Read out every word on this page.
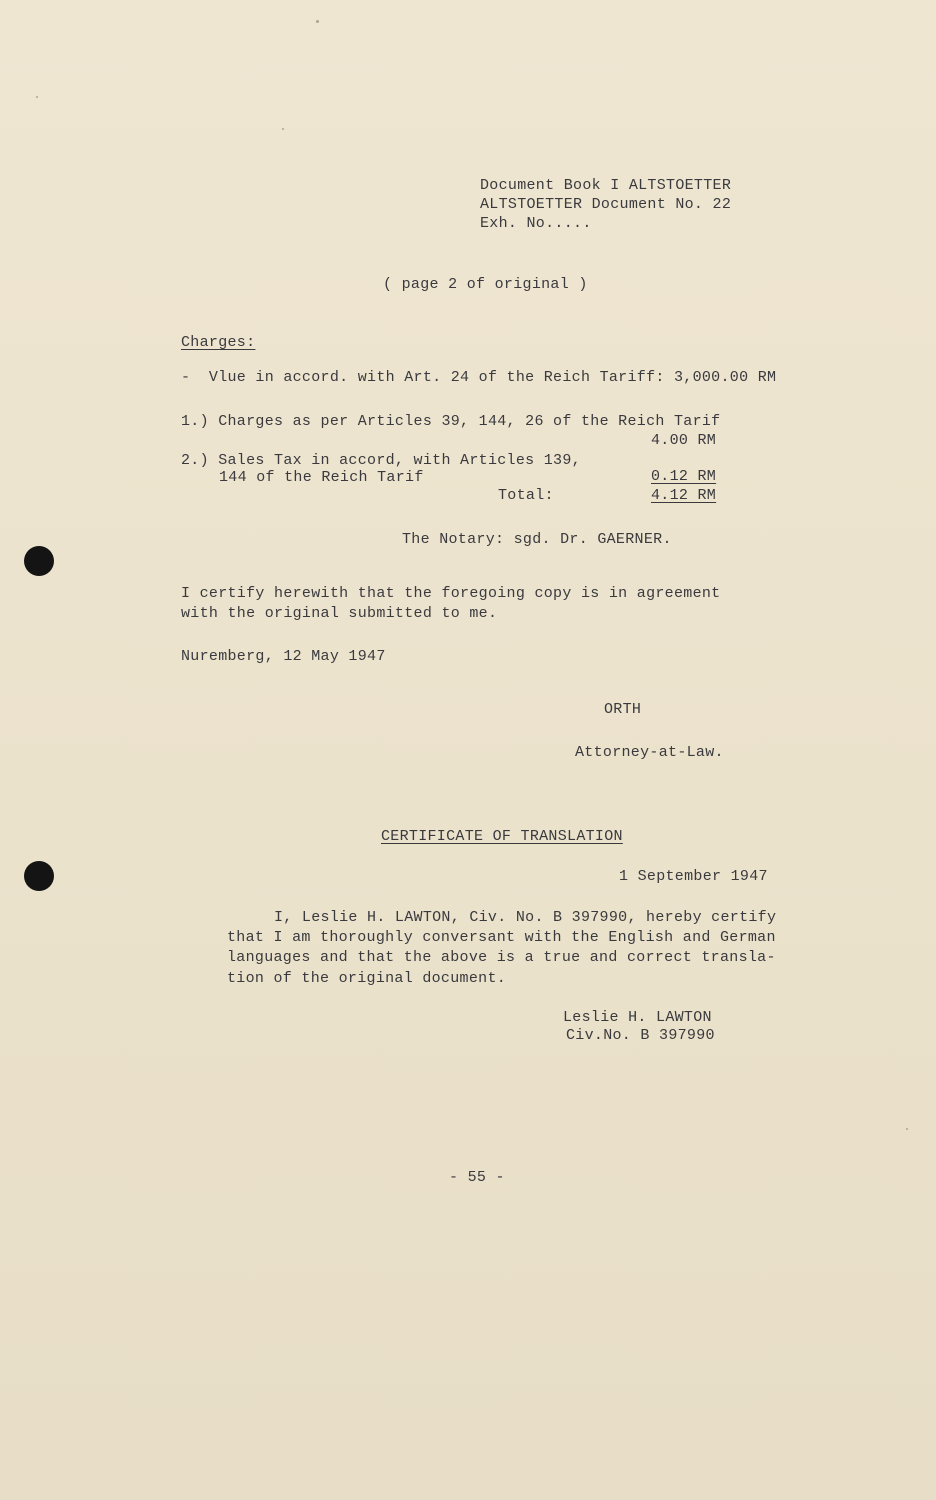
Document Book I ALTSTOETTER
ALTSTOETTER Document No. 22
Exh. No.....
( page 2 of original )
Charges:
-  Vlue in accord. with Art. 24 of the Reich Tariff: 3,000.00 RM
1.) Charges as per Articles 39, 144, 26 of the Reich Tarif
4.00 RM
2.) Sales Tax in accord, with Articles 139,
144 of the Reich Tarif	0.12 RM
Total:	4.12 RM
The Notary: sgd. Dr. GAERNER.
I certify herewith that the foregoing copy is in agreement
with the original submitted to me.
Nuremberg, 12 May 1947
ORTH
Attorney-at-Law.
CERTIFICATE OF TRANSLATION
1 September 1947
I, Leslie H. LAWTON, Civ. No. B 397990, hereby certify
that I am thoroughly conversant with the English and German
languages and that the above is a true and correct transla-
tion of the original document.
Leslie H. LAWTON
Civ.No. B 397990
- 55 -
